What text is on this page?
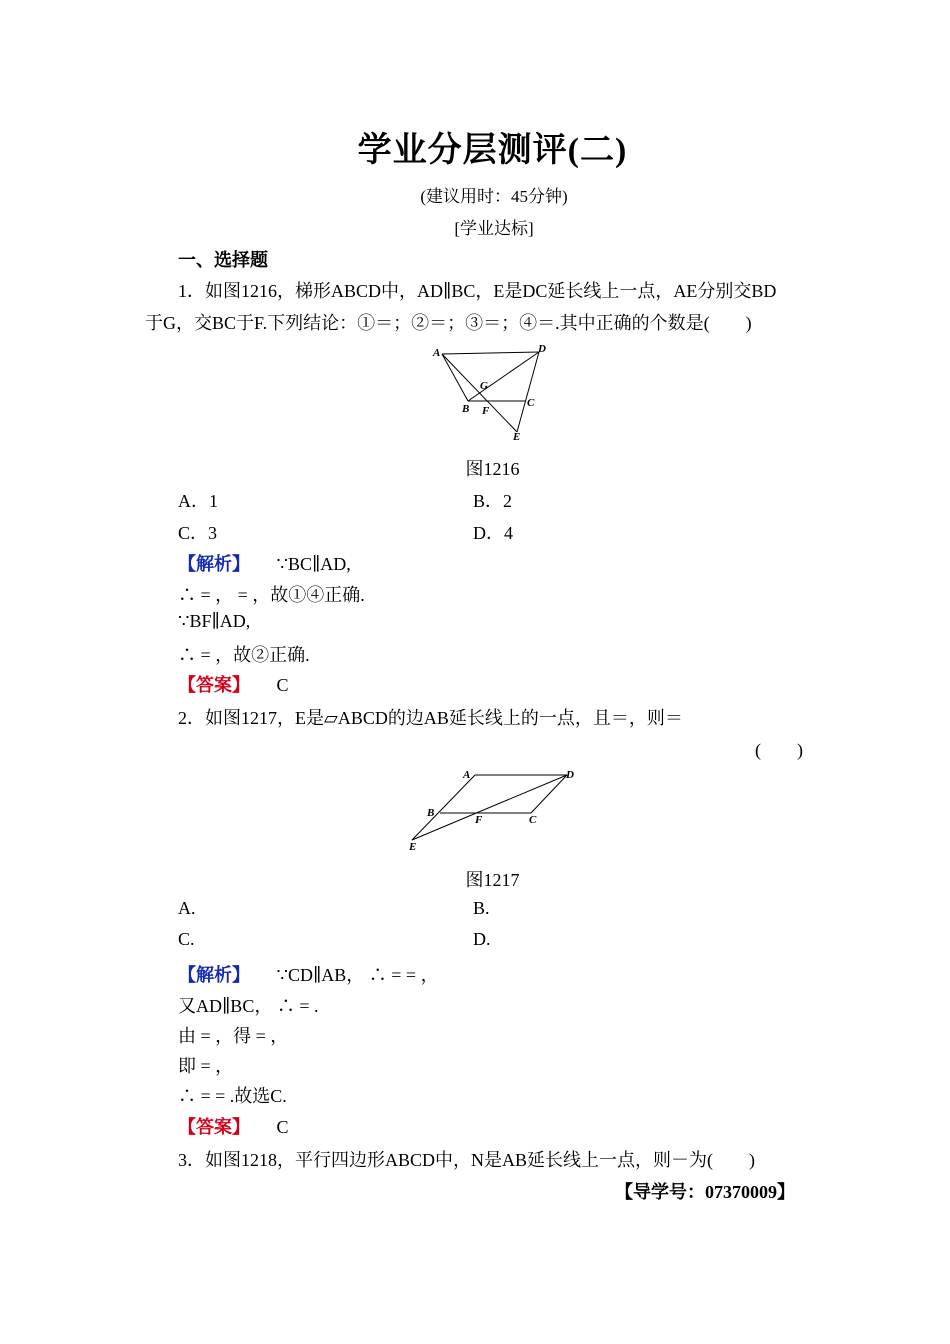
学业分层测评(二)
(建议用时：45分钟)
[学业达标]
一、选择题
1．如图1216，梯形ABCD中，AD∥BC，E是DC延长线上一点，AE分别交BD
于G，交BC于F.下列结论：①＝；②＝；③＝；④＝.其中正确的个数是(　　)
A	D
G
B F
C
E
图1216
A．1	B．2
C．3	D．4
【解析】 ∵BC∥AD,
∴ = ， = ，故①④正确.
∵BF∥AD,
∴ = ，故②正确.
【答案】 C
2．如图1217，E是▱ABCD的边AB延长线上的一点，且＝，则＝
(　　)
A	D
B
F	C
E
图1217
A.	B.
C.	D.
【解析】 ∵CD∥AB， ∴ = = ，
又AD∥BC， ∴ = .
由 = ，得 = ，
即 = ，
∴ = = .故选C.
【答案】 C
3．如图1218，平行四边形ABCD中，N是AB延长线上一点，则－为(　　)
【导学号：07370009】
